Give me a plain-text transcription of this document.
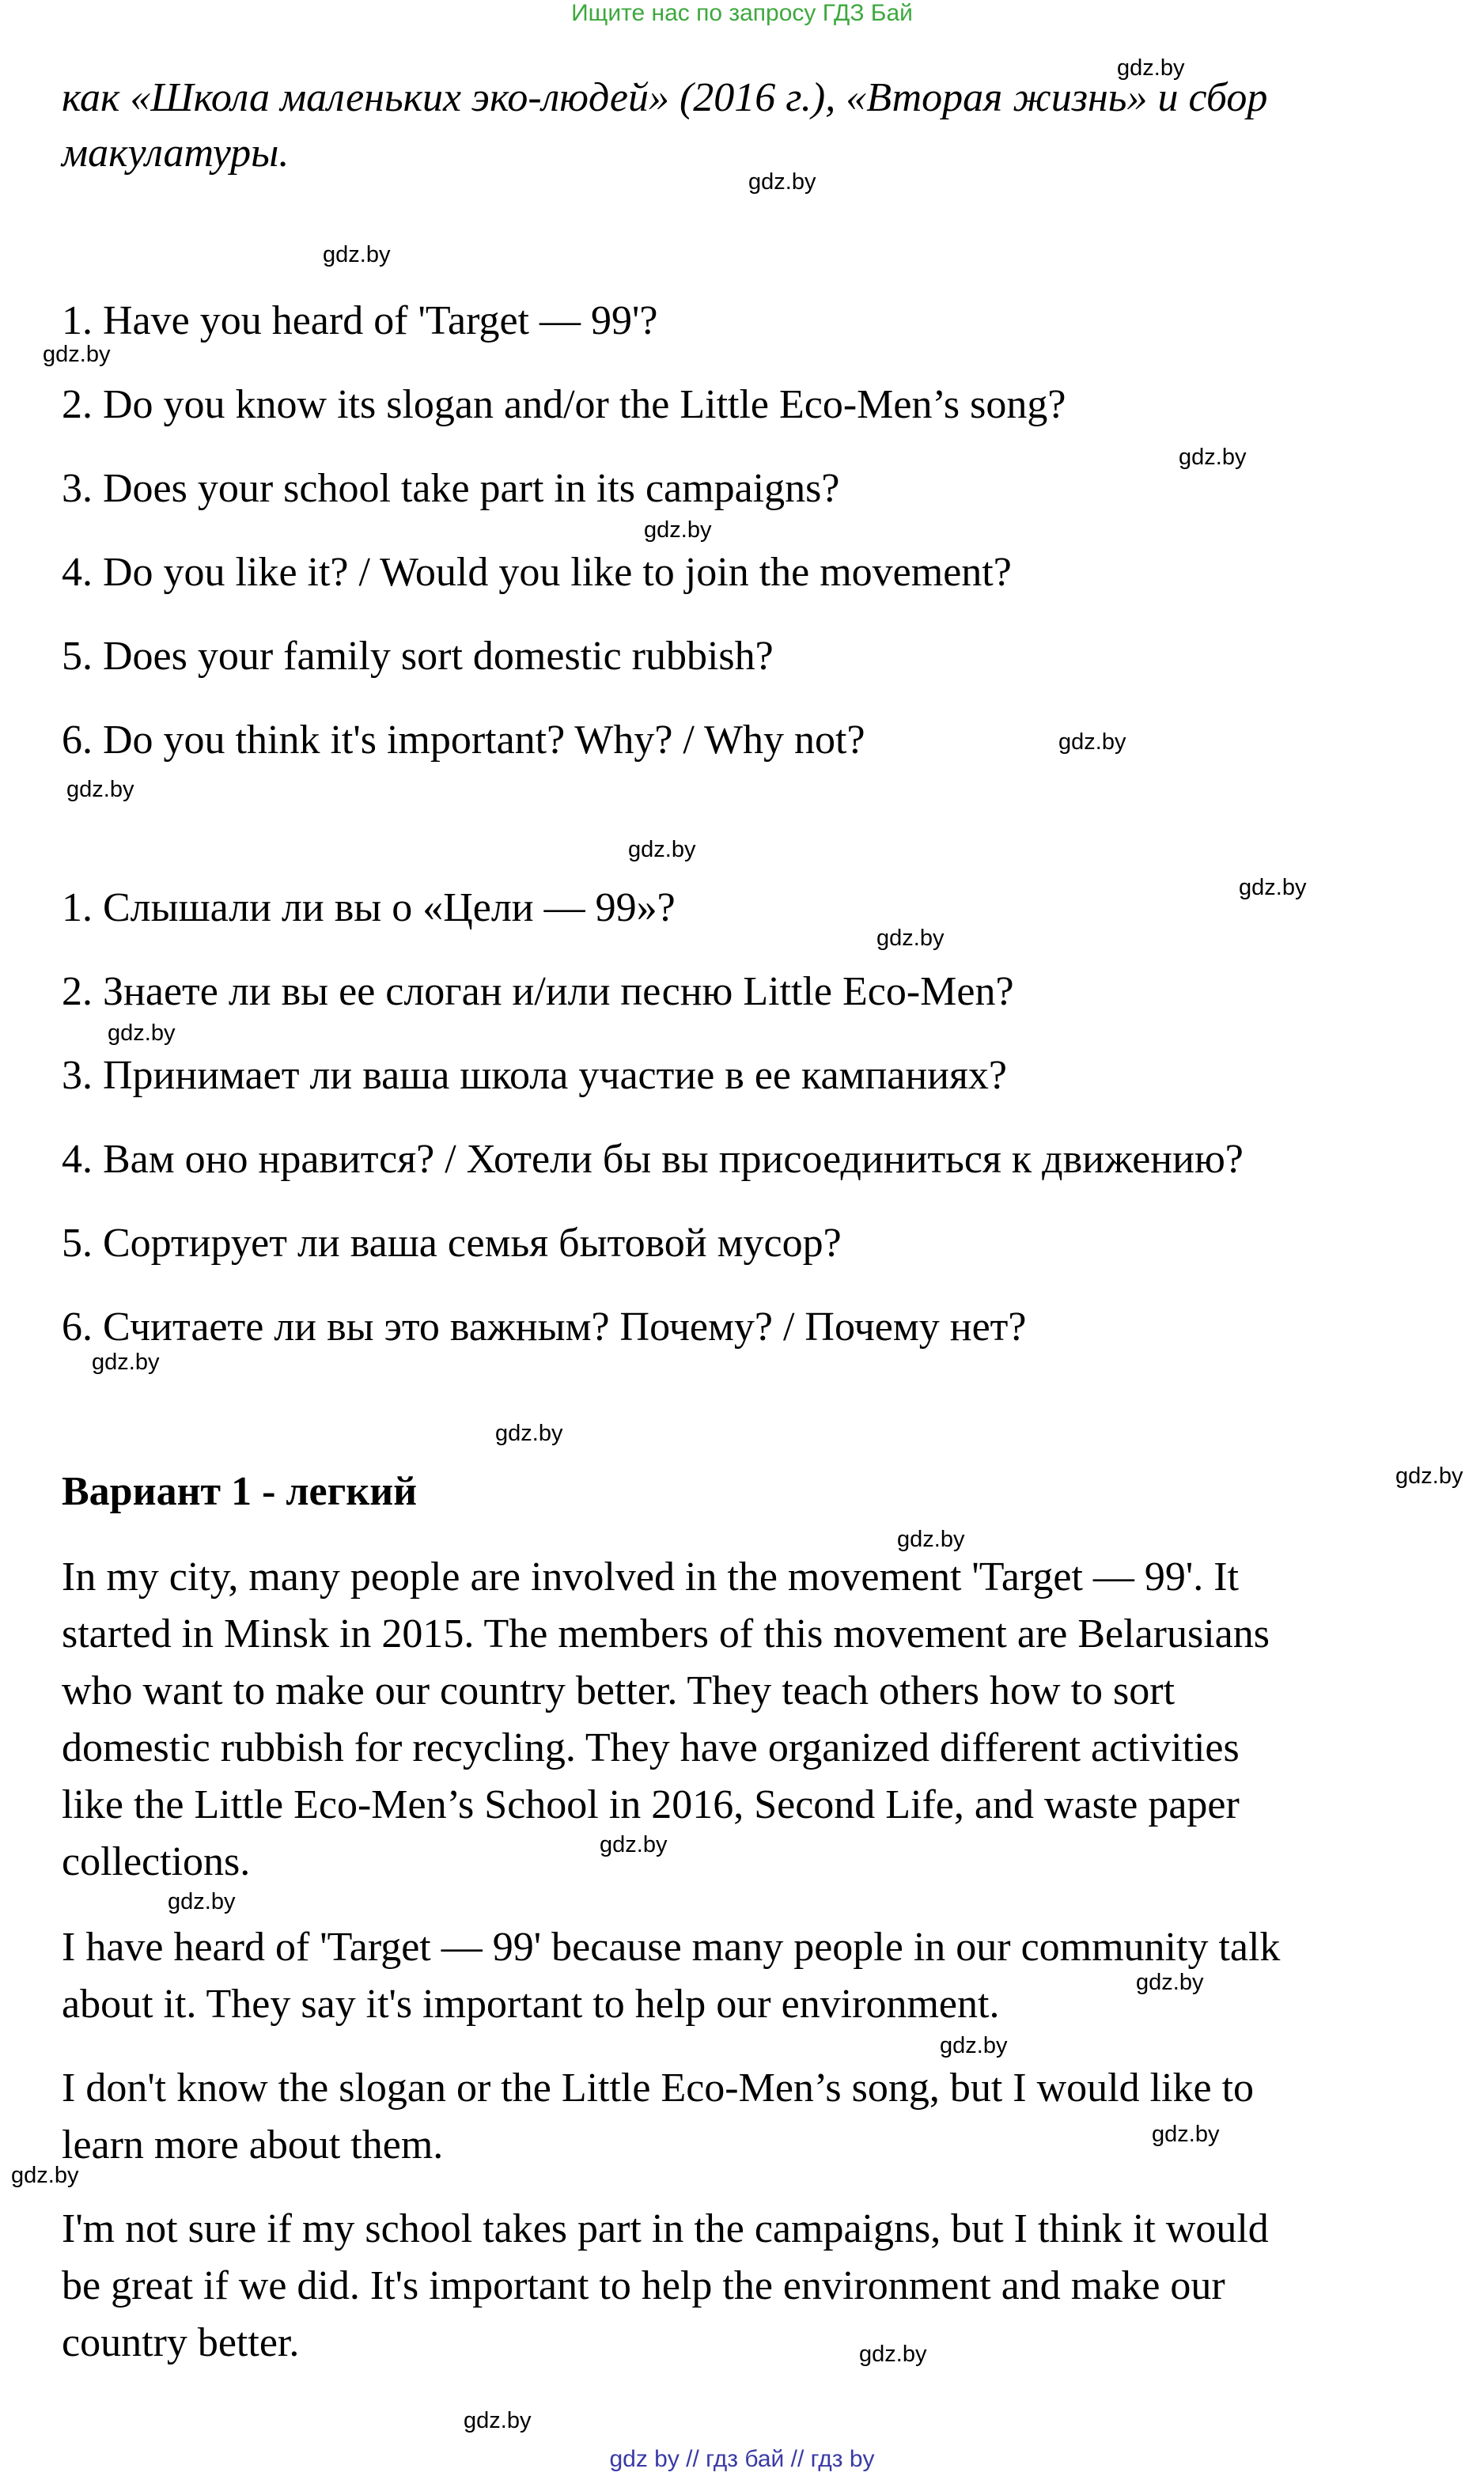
Ищите нас по запросу ГДЗ Бай
как «Школа маленьких эко-людей» (2016 г.), «Вторая жизнь» и сбор
макулатуры.
1. Have you heard of 'Target — 99'?
2. Do you know its slogan and/or the Little Eco-Men’s song?
3. Does your school take part in its campaigns?
4. Do you like it? / Would you like to join the movement?
5. Does your family sort domestic rubbish?
6. Do you think it's important? Why? / Why not?
1. Слышали ли вы о «Цели — 99»?
2. Знаете ли вы ее слоган и/или песню Little Eco-Men?
3. Принимает ли ваша школа участие в ее кампаниях?
4. Вам оно нравится? / Хотели бы вы присоединиться к движению?
5. Сортирует ли ваша семья бытовой мусор?
6. Считаете ли вы это важным? Почему? / Почему нет?
Вариант 1 - легкий
In my city, many people are involved in the movement 'Target — 99'. It
started in Minsk in 2015. The members of this movement are Belarusians
who want to make our country better. They teach others how to sort
domestic rubbish for recycling. They have organized different activities
like the Little Eco-Men’s School in 2016, Second Life, and waste paper
collections.
I have heard of 'Target — 99' because many people in our community talk
about it. They say it's important to help our environment.
I don't know the slogan or the Little Eco-Men’s song, but I would like to
learn more about them.
I'm not sure if my school takes part in the campaigns, but I think it would
be great if we did. It's important to help the environment and make our
country better.
gdz.by
gdz.by
gdz.by
gdz.by
gdz.by
gdz.by
gdz.by
gdz.by
gdz.by
gdz.by
gdz.by
gdz.by
gdz.by
gdz.by
gdz.by
gdz.by
gdz.by
gdz.by
gdz.by
gdz.by
gdz.by
gdz.by
gdz.by
gdz.by
gdz by // гдз бай // гдз by
